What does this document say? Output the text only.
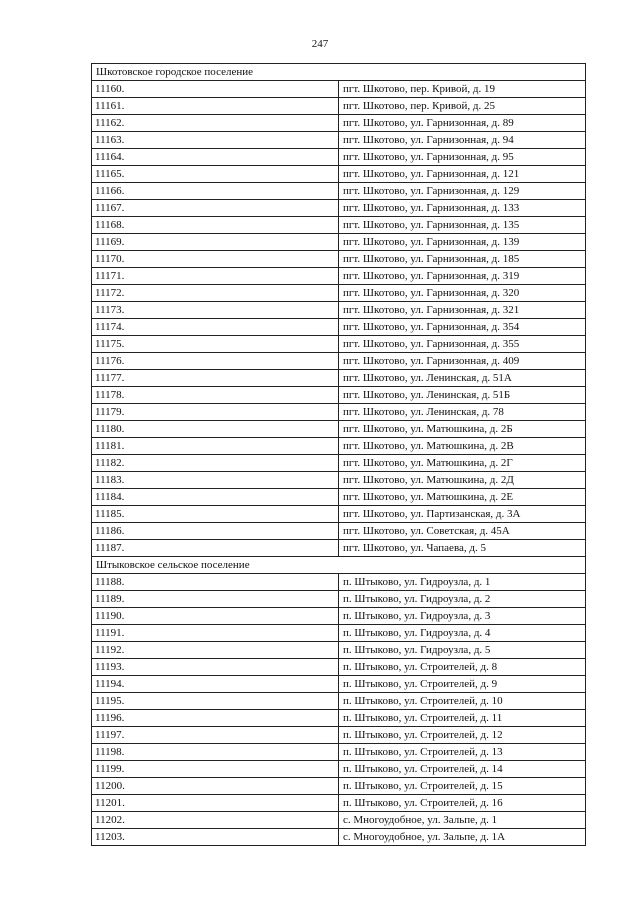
247
Шкотовское городское поселение	
11160.	пгт. Шкотово, пер. Кривой, д. 19
11161.	пгт. Шкотово, пер. Кривой, д. 25
11162.	пгт. Шкотово, ул. Гарнизонная, д. 89
11163.	пгт. Шкотово, ул. Гарнизонная, д. 94
11164.	пгт. Шкотово, ул. Гарнизонная, д. 95
11165.	пгт. Шкотово, ул. Гарнизонная, д. 121
11166.	пгт. Шкотово, ул. Гарнизонная, д. 129
11167.	пгт. Шкотово, ул. Гарнизонная, д. 133
11168.	пгт. Шкотово, ул. Гарнизонная, д. 135
11169.	пгт. Шкотово, ул. Гарнизонная, д. 139
11170.	пгт. Шкотово, ул. Гарнизонная, д. 185
11171.	пгт. Шкотово, ул. Гарнизонная, д. 319
11172.	пгт. Шкотово, ул. Гарнизонная, д. 320
11173.	пгт. Шкотово, ул. Гарнизонная, д. 321
11174.	пгт. Шкотово, ул. Гарнизонная, д. 354
11175.	пгт. Шкотово, ул. Гарнизонная, д. 355
11176.	пгт. Шкотово, ул. Гарнизонная, д. 409
11177.	пгт. Шкотово, ул. Ленинская, д. 51А
11178.	пгт. Шкотово, ул. Ленинская, д. 51Б
11179.	пгт. Шкотово, ул. Ленинская, д. 78
11180.	пгт. Шкотово, ул. Матюшкина, д. 2Б
11181.	пгт. Шкотово, ул. Матюшкина, д. 2В
11182.	пгт. Шкотово, ул. Матюшкина, д. 2Г
11183.	пгт. Шкотово, ул. Матюшкина, д. 2Д
11184.	пгт. Шкотово, ул. Матюшкина, д. 2Е
11185.	пгт. Шкотово, ул. Партизанская, д. 3А
11186.	пгт. Шкотово, ул. Советская, д. 45А
11187.	пгт. Шкотово, ул. Чапаева, д. 5
Штыковское сельское поселение	
11188.	п. Штыково, ул. Гидроузла, д. 1
11189.	п. Штыково, ул. Гидроузла, д. 2
11190.	п. Штыково, ул. Гидроузла, д. 3
11191.	п. Штыково, ул. Гидроузла, д. 4
11192.	п. Штыково, ул. Гидроузла, д. 5
11193.	п. Штыково, ул. Строителей, д. 8
11194.	п. Штыково, ул. Строителей, д. 9
11195.	п. Штыково, ул. Строителей, д. 10
11196.	п. Штыково, ул. Строителей, д. 11
11197.	п. Штыково, ул. Строителей, д. 12
11198.	п. Штыково, ул. Строителей, д. 13
11199.	п. Штыково, ул. Строителей, д. 14
11200.	п. Штыково, ул. Строителей, д. 15
11201.	п. Штыково, ул. Строителей, д. 16
11202.	с. Многоудобное, ул. Зальпе, д. 1
11203.	с. Многоудобное, ул. Зальпе, д. 1А
